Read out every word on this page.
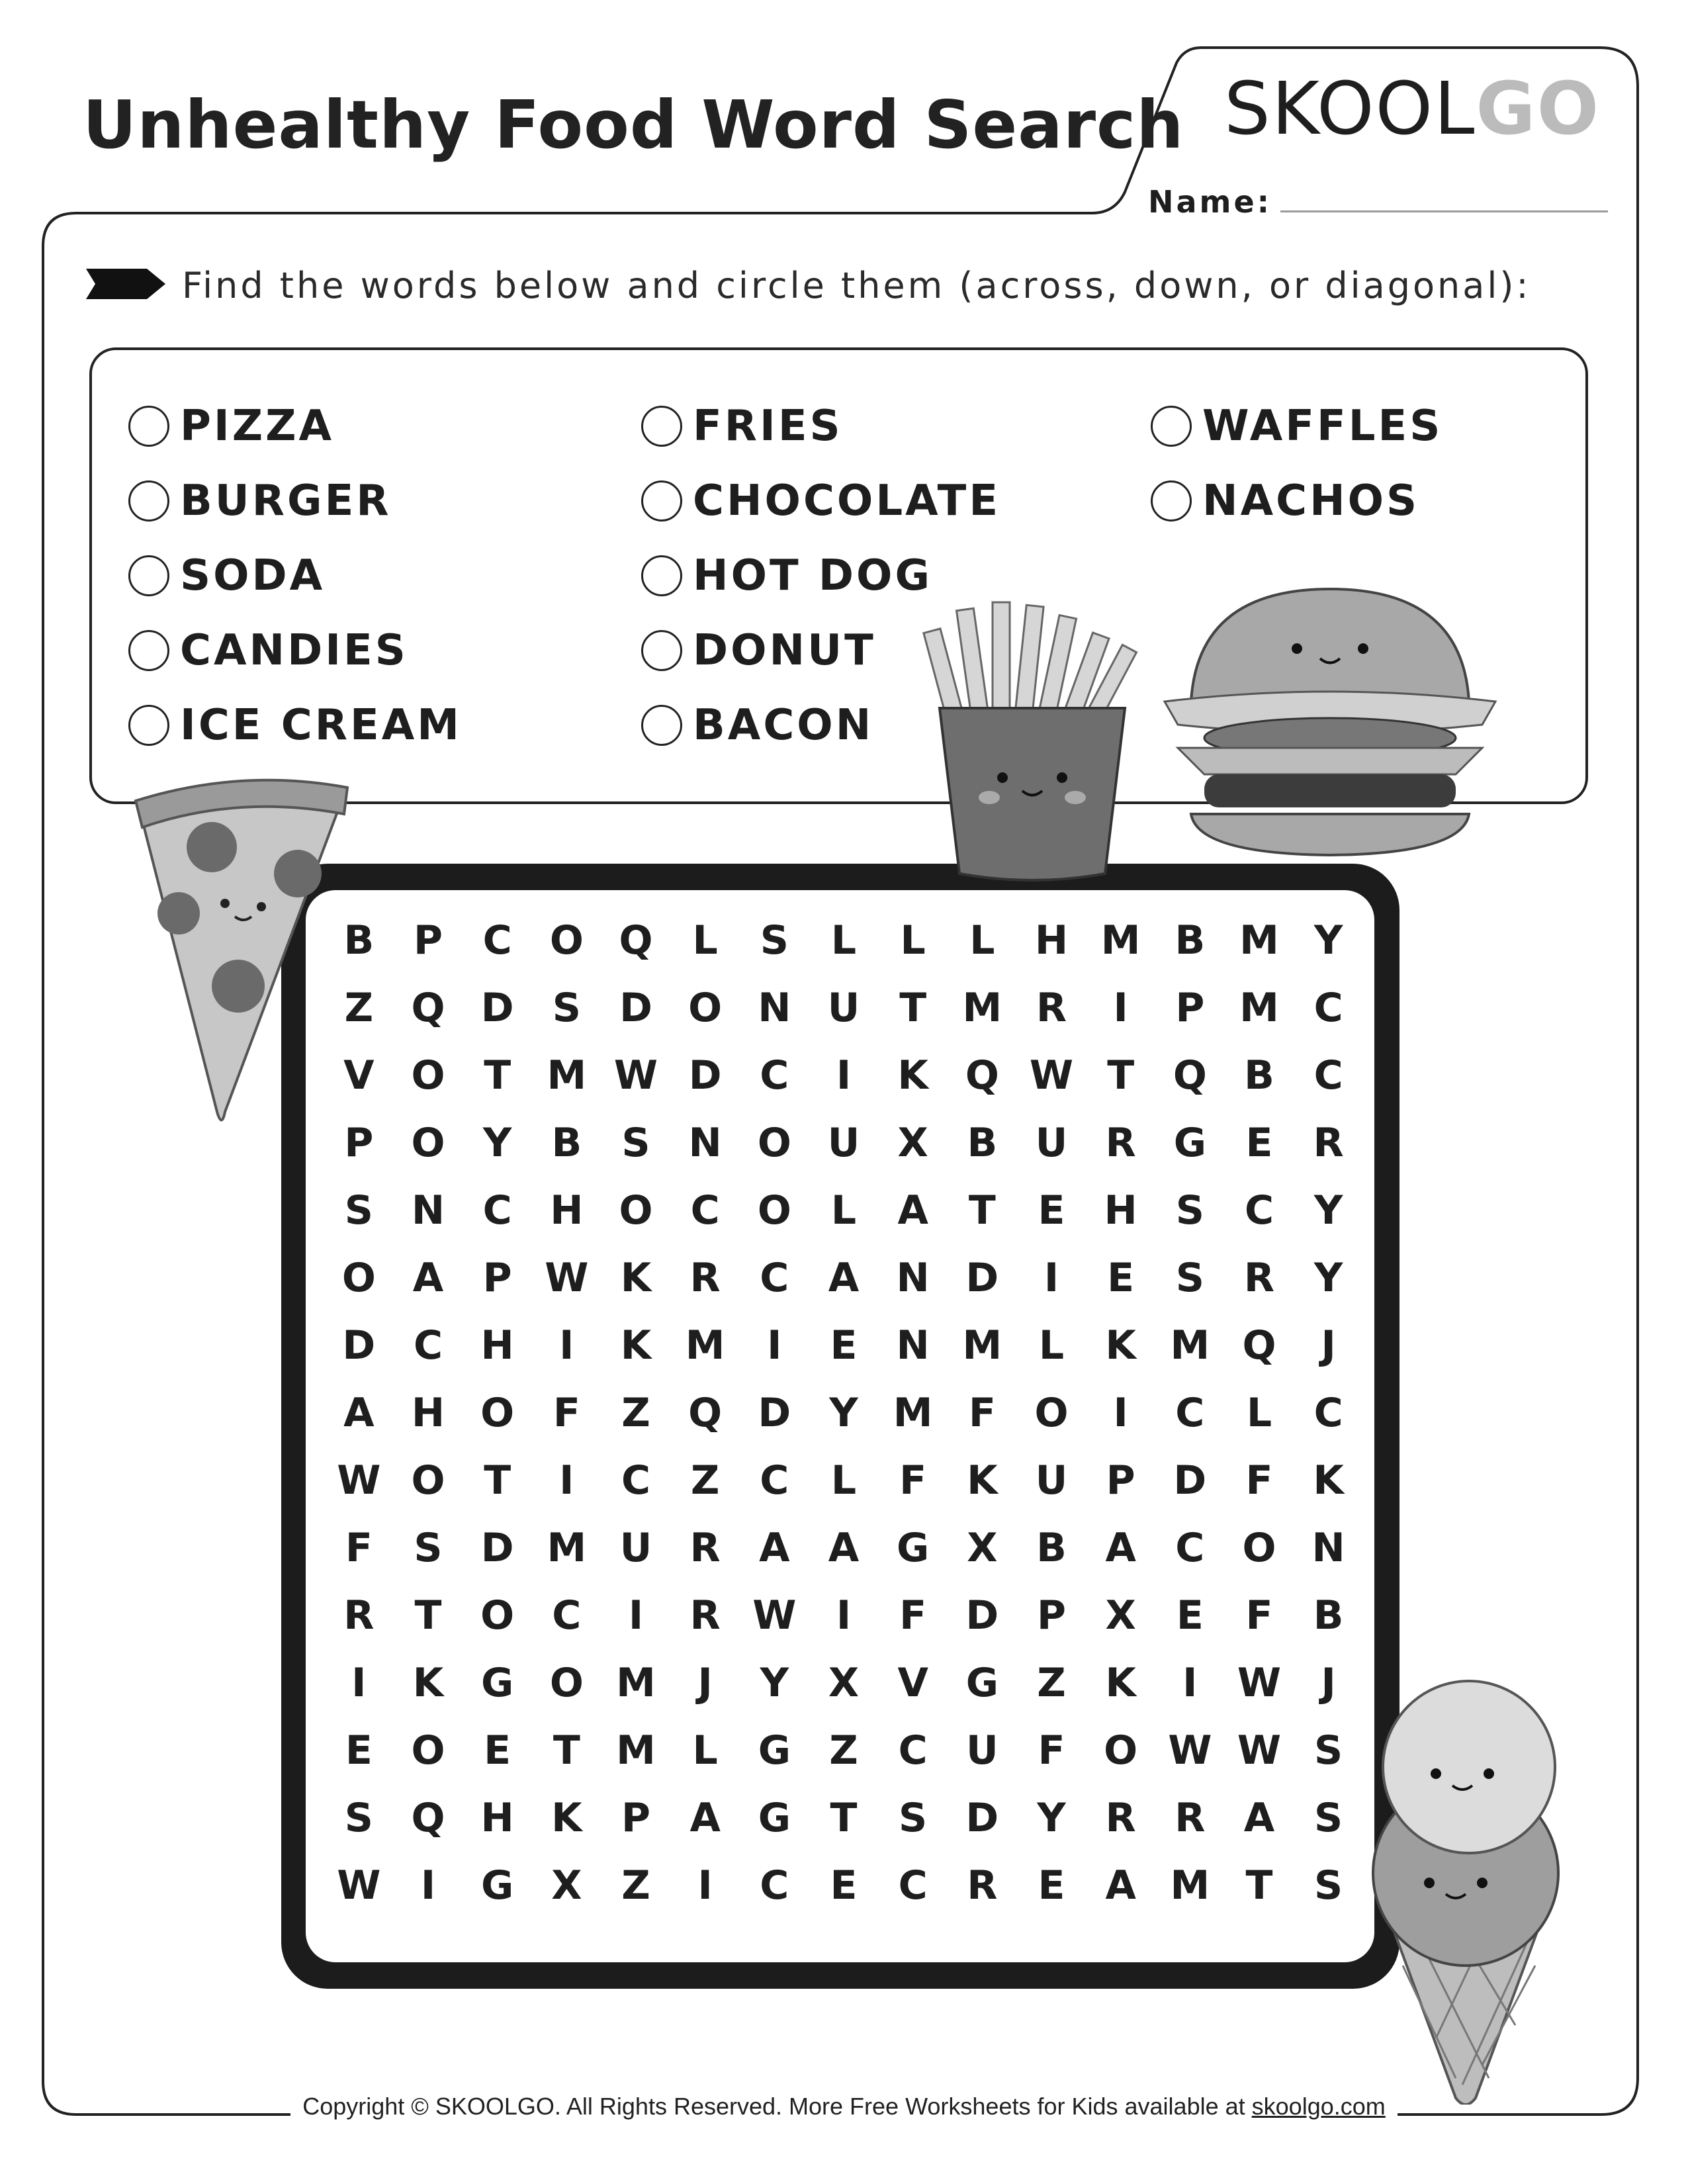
Unhealthy Food Word Search SKOOLGO
Name:
Find the words below and circle them (across, down, or diagonal):
PIZZA
BURGER
SODA
CANDIES
ICE CREAM
FRIES
CHOCOLATE
HOT DOG
DONUT
BACON
WAFFLES
NACHOS
B P	C O Q	L	S	L	L	L	H M B M Y
Z Q D S D O N U T M R	I	P M C
V O T M W D C	I	K Q W T Q B C
P O Y	B	S N O U X B U R G E	R
S N C H O C O	L	A	T	E H S	C	Y
O A P W K R C A N D	I	E	S R Y
D C H	I	K M	I	E N M L	K M Q	J
A H O F	Z Q D Y M F O	I	C	L	C
W O T	I	C	Z	C	L	F	K U P D F	K
F	S D M U R A A G X B A C O N
R	T O C	I	R W	I	F D P X	E	F	B
I	K G O M	J	Y X V G Z K	I	W	J
E O E	T M L	G Z	C U F O W W S
S Q H K P A G T	S D Y R R A S
W	I	G X Z	I	C	E	C R	E	A M T	S
Copyright © SKOOLGO. All Rights Reserved. More Free Worksheets for Kids available at skoolgo.com
